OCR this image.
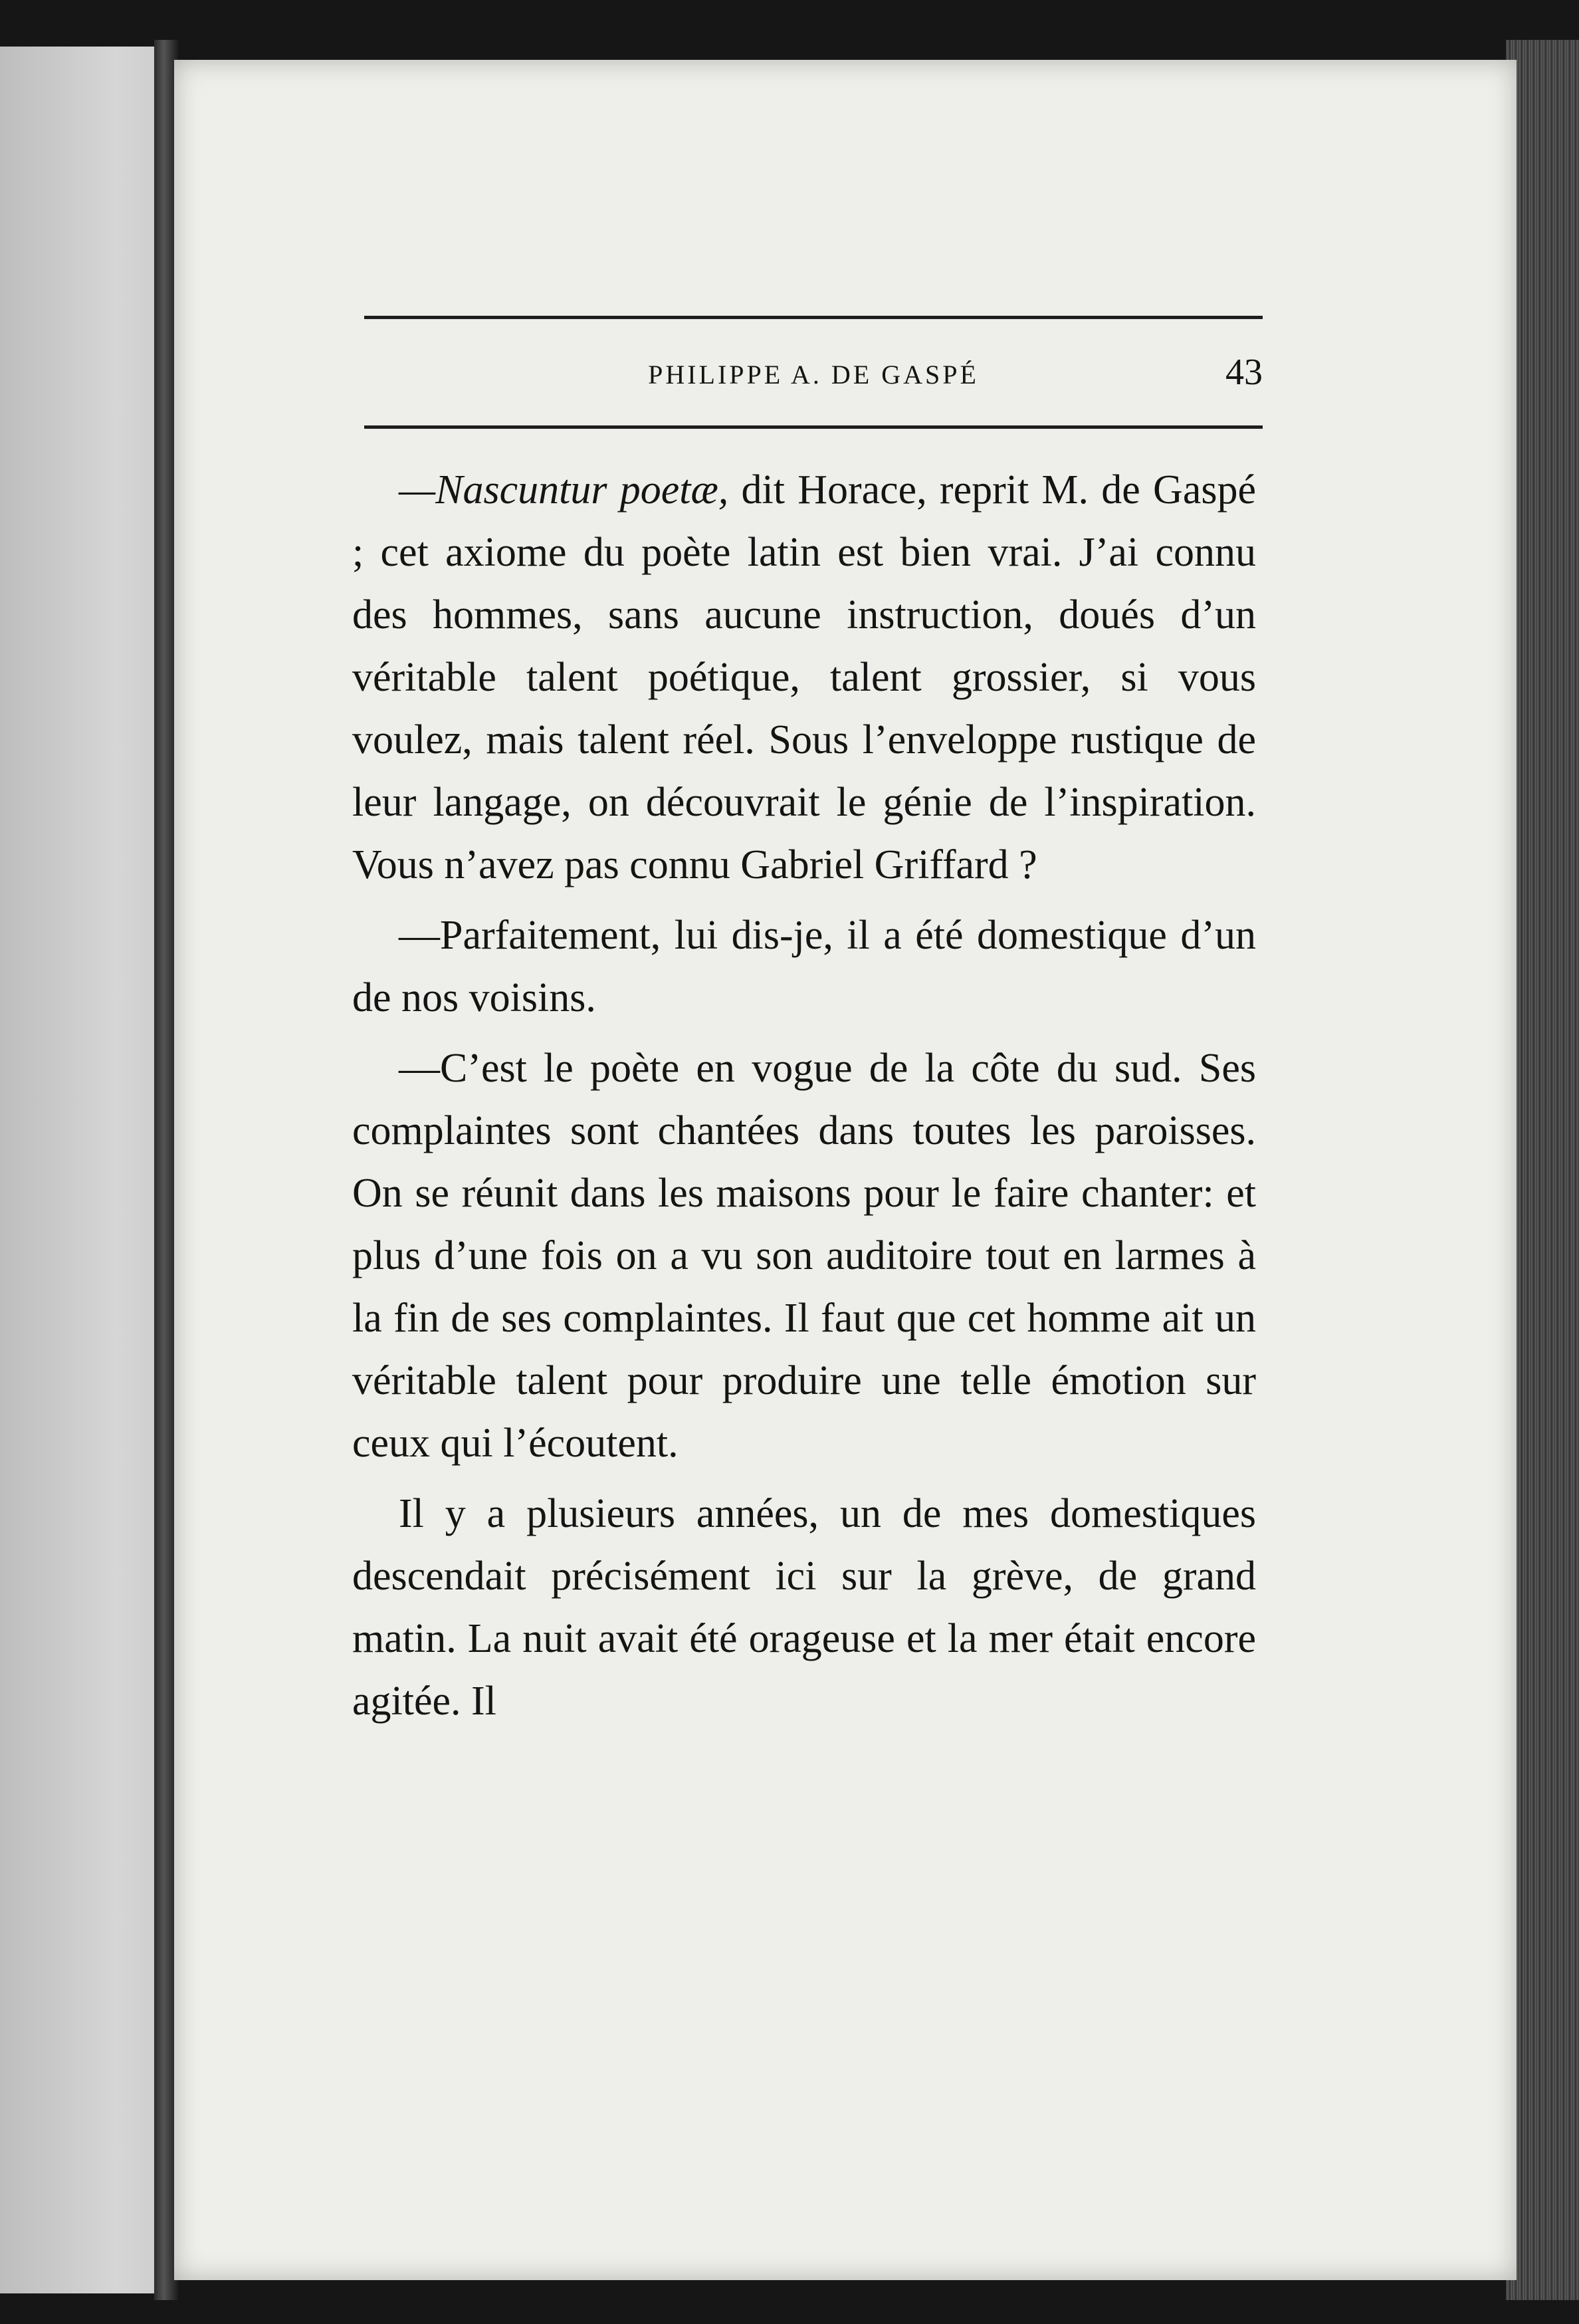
PHILIPPE A. DE GASPÉ	43

—Nascuntur poetæ, dit Horace, reprit M. de Gaspé ; cet axiome du poète latin est bien vrai. J’ai connu des hommes, sans aucune instruction, doués d’un véritable talent poétique, talent grossier, si vous voulez, mais talent réel. Sous l’enveloppe rustique de leur langage, on découvrait le génie de l’inspiration. Vous n’avez pas connu Gabriel Griffard ?

—Parfaitement, lui dis-je, il a été domestique d’un de nos voisins.

—C’est le poète en vogue de la côte du sud. Ses complaintes sont chantées dans toutes les paroisses. On se réunit dans les maisons pour le faire chanter: et plus d’une fois on a vu son auditoire tout en larmes à la fin de ses complaintes. Il faut que cet homme ait un véritable talent pour produire une telle émotion sur ceux qui l’écoutent.

Il y a plusieurs années, un de mes domestiques descendait précisément ici sur la grève, de grand matin. La nuit avait été orageuse et la mer était encore agitée. Il
